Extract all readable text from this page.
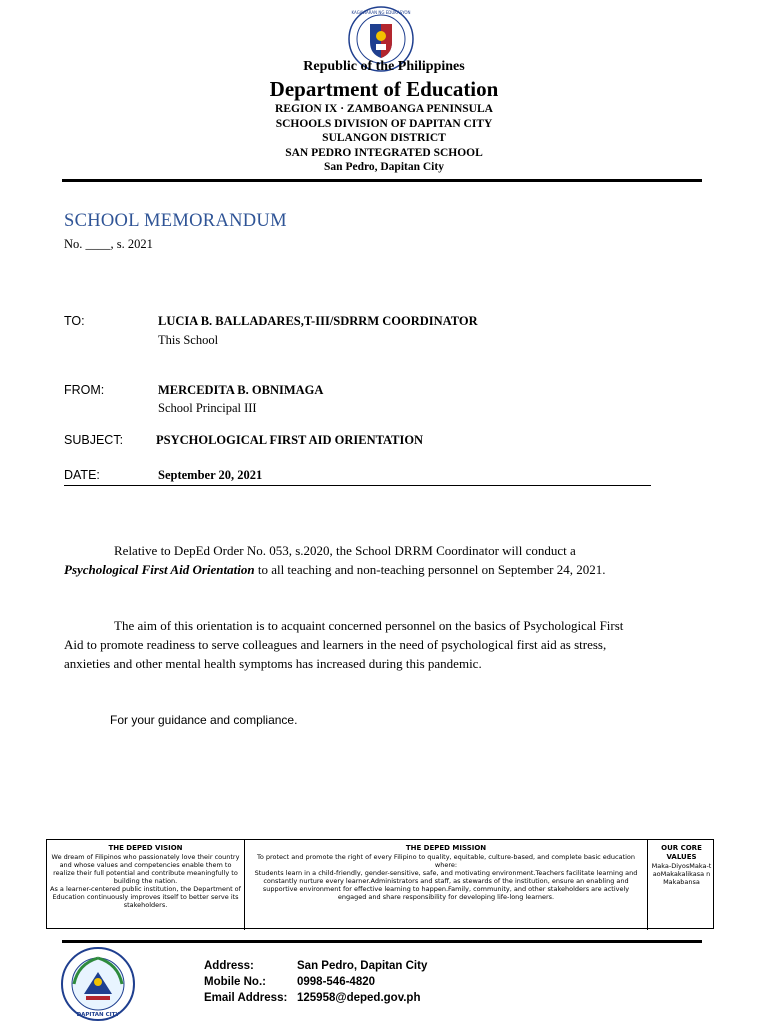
KAGAWARAN NG EDUKASYON
Republic of the Philippines
Department of Education
REGION IX · ZAMBOANGA PENINSULA
SCHOOLS DIVISION OF DAPITAN CITY
SULANGON DISTRICT
SAN PEDRO INTEGRATED SCHOOL
San Pedro, Dapitan City
SCHOOL MEMORANDUM
No. ____, s. 2021
TO:	LUCIA B. BALLADARES,T-III/SDRRM COORDINATOR
This School
FROM:	MERCEDITA B. OBNIMAGA
School Principal III
SUBJECT:	PSYCHOLOGICAL FIRST AID ORIENTATION
DATE:	September 20, 2021
Relative to DepEd Order No. 053, s.2020, the School DRRM Coordinator will conduct a
Psychological First Aid Orientation to all teaching and non-teaching personnel on September 24, 2021.
The aim of this orientation is to acquaint concerned personnel on the basics of Psychological First
Aid to promote readiness to serve colleagues and learners in the need of psychological first aid as stress,
anxieties and other mental health symptoms has increased during this pandemic.
For your guidance and compliance.
THE DEPED VISION
We dream of Filipinos who passionately love their country and whose values and competencies enable them to realize their full potential and contribute meaningfully to building the nation.
As a learner-centered public institution, the Department of Education continuously improves itself to better serve its stakeholders.
THE DEPED MISSION
To protect and promote the right of every Filipino to quality, equitable, culture-based, and complete basic education where:
Students learn in a child-friendly, gender-sensitive, safe, and motivating environment.Teachers facilitate learning and constantly nurture every learner.Administrators and staff, as stewards of the institution, ensure an enabling and supportive environment for effective learning to happen.Family, community, and other stakeholders are actively engaged and share responsibility for developing life-long learners.
OUR CORE VALUES
Maka-DiyosMaka-taoMakakalikasa nMakabansa
DAPITAN CITY
Address:	San Pedro, Dapitan City
Mobile No.:	0998-546-4820
Email Address: 125958@deped.gov.ph
